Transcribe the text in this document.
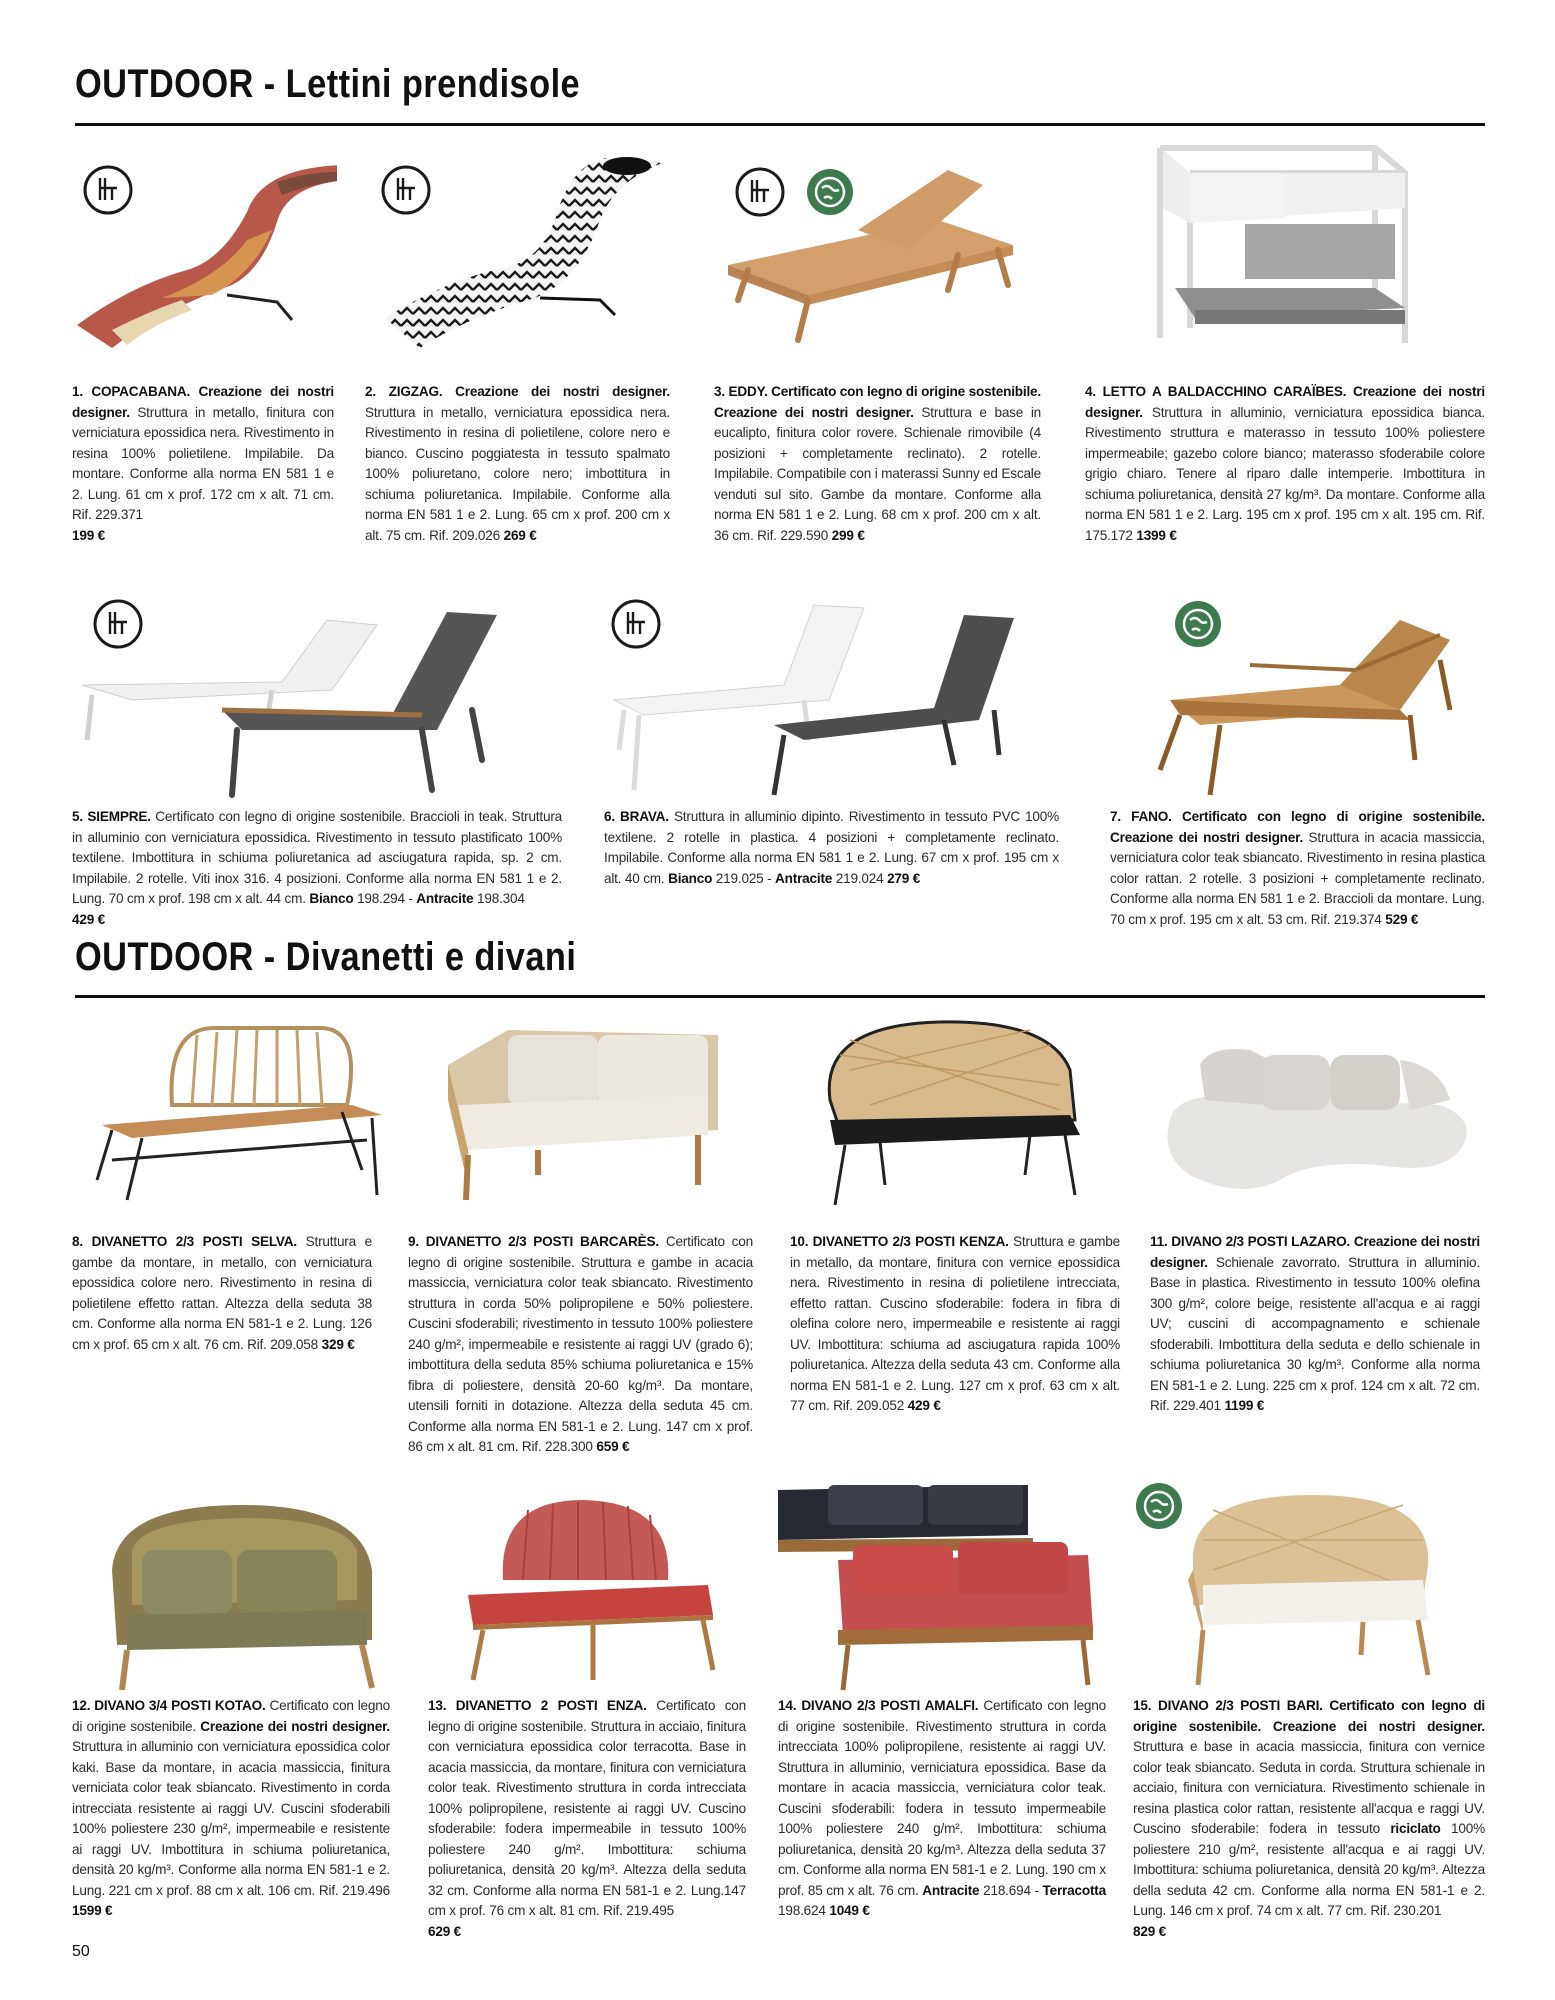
OUTDOOR - Lettini prendisole
1. COPACABANA. Creazione dei nostri designer. Struttura in metallo, finitura con verniciatura epossidica nera. Rivestimento in resina 100% polietilene. Impilabile. Da montare. Conforme alla norma EN 581 1 e 2. Lung. 61 cm x prof. 172 cm x alt. 71 cm. Rif. 229.371
199 €
2. ZIGZAG. Creazione dei nostri designer. Struttura in metallo, verniciatura epossidica nera. Rivestimento in resina di polietilene, colore nero e bianco. Cuscino poggiatesta in tessuto spalmato 100% poliuretano, colore nero; imbottitura in schiuma poliuretanica. Impilabile. Conforme alla norma EN 581 1 e 2. Lung. 65 cm x prof. 200 cm x alt. 75 cm. Rif. 209.026 269 €
3. EDDY. Certificato con legno di origine sostenibile. Creazione dei nostri designer. Struttura e base in eucalipto, finitura color rovere. Schienale rimovibile (4 posizioni + completamente reclinato). 2 rotelle. Impilabile. Compatibile con i materassi Sunny ed Escale venduti sul sito. Gambe da montare. Conforme alla norma EN 581 1 e 2. Lung. 68 cm x prof. 200 cm x alt. 36 cm. Rif. 229.590 299 €
4. LETTO A BALDACCHINO CARAÏBES. Creazione dei nostri designer. Struttura in alluminio, verniciatura epossidica bianca. Rivestimento struttura e materasso in tessuto 100% poliestere impermeabile; gazebo colore bianco; materasso sfoderabile colore grigio chiaro. Tenere al riparo dalle intemperie. Imbottitura in schiuma poliuretanica, densità 27 kg/m³. Da montare. Conforme alla norma EN 581 1 e 2. Larg. 195 cm x prof. 195 cm x alt. 195 cm. Rif. 175.172 1399 €
5. SIEMPRE. Certificato con legno di origine sostenibile. Braccioli in teak. Struttura in alluminio con verniciatura epossidica. Rivestimento in tessuto plastificato 100% textilene. Imbottitura in schiuma poliuretanica ad asciugatura rapida, sp. 2 cm. Impilabile. 2 rotelle. Viti inox 316. 4 posizioni. Conforme alla norma EN 581 1 e 2. Lung. 70 cm x prof. 198 cm x alt. 44 cm. Bianco 198.294 - Antracite 198.304
429 €
6. BRAVA. Struttura in alluminio dipinto. Rivestimento in tessuto PVC 100% textilene. 2 rotelle in plastica. 4 posizioni + completamente reclinato. Impilabile. Conforme alla norma EN 581 1 e 2. Lung. 67 cm x prof. 195 cm x alt. 40 cm. Bianco 219.025 - Antracite 219.024 279 €
7. FANO. Certificato con legno di origine sostenibile. Creazione dei nostri designer. Struttura in acacia massiccia, verniciatura color teak sbiancato. Rivestimento in resina plastica color rattan. 2 rotelle. 3 posizioni + completamente reclinato. Conforme alla norma EN 581 1 e 2. Braccioli da montare. Lung. 70 cm x prof. 195 cm x alt. 53 cm. Rif. 219.374 529 €
OUTDOOR - Divanetti e divani
8. DIVANETTO 2/3 POSTI SELVA. Struttura e gambe da montare, in metallo, con verniciatura epossidica colore nero. Rivestimento in resina di polietilene effetto rattan. Altezza della seduta 38 cm. Conforme alla norma EN 581-1 e 2. Lung. 126 cm x prof. 65 cm x alt. 76 cm. Rif. 209.058 329 €
9. DIVANETTO 2/3 POSTI BARCARÈS. Certificato con legno di origine sostenibile. Struttura e gambe in acacia massiccia, verniciatura color teak sbiancato. Rivestimento struttura in corda 50% polipropilene e 50% poliestere. Cuscini sfoderabili; rivestimento in tessuto 100% poliestere 240 g/m², impermeabile e resistente ai raggi UV (grado 6); imbottitura della seduta 85% schiuma poliuretanica e 15% fibra di poliestere, densità 20-60 kg/m³. Da montare, utensili forniti in dotazione. Altezza della seduta 45 cm. Conforme alla norma EN 581-1 e 2. Lung. 147 cm x prof. 86 cm x alt. 81 cm. Rif. 228.300 659 €
10. DIVANETTO 2/3 POSTI KENZA. Struttura e gambe in metallo, da montare, finitura con vernice epossidica nera. Rivestimento in resina di polietilene intrecciata, effetto rattan. Cuscino sfoderabile: fodera in fibra di olefina colore nero, impermeabile e resistente ai raggi UV. Imbottitura: schiuma ad asciugatura rapida 100% poliuretanica. Altezza della seduta 43 cm. Conforme alla norma EN 581-1 e 2. Lung. 127 cm x prof. 63 cm x alt. 77 cm. Rif. 209.052 429 €
11. DIVANO 2/3 POSTI LAZARO. Creazione dei nostri designer. Schienale zavorrato. Struttura in alluminio. Base in plastica. Rivestimento in tessuto 100% olefina 300 g/m², colore beige, resistente all'acqua e ai raggi UV; cuscini di accompagnamento e schienale sfoderabili. Imbottitura della seduta e dello schienale in schiuma poliuretanica 30 kg/m³. Conforme alla norma EN 581-1 e 2. Lung. 225 cm x prof. 124 cm x alt. 72 cm. Rif. 229.401 1199 €
12. DIVANO 3/4 POSTI KOTAO. Certificato con legno di origine sostenibile. Creazione dei nostri designer. Struttura in alluminio con verniciatura epossidica color kaki. Base da montare, in acacia massiccia, finitura verniciata color teak sbiancato. Rivestimento in corda intrecciata resistente ai raggi UV. Cuscini sfoderabili 100% poliestere 230 g/m², impermeabile e resistente ai raggi UV. Imbottitura in schiuma poliuretanica, densità 20 kg/m³. Conforme alla norma EN 581-1 e 2. Lung. 221 cm x prof. 88 cm x alt. 106 cm. Rif. 219.496 1599 €
13. DIVANETTO 2 POSTI ENZA. Certificato con legno di origine sostenibile. Struttura in acciaio, finitura con verniciatura epossidica color terracotta. Base in acacia massiccia, da montare, finitura con verniciatura color teak. Rivestimento struttura in corda intrecciata 100% polipropilene, resistente ai raggi UV. Cuscino sfoderabile: fodera impermeabile in tessuto 100% poliestere 240 g/m². Imbottitura: schiuma poliuretanica, densità 20 kg/m³. Altezza della seduta 32 cm. Conforme alla norma EN 581-1 e 2. Lung.147 cm x prof. 76 cm x alt. 81 cm. Rif. 219.495
629 €
14. DIVANO 2/3 POSTI AMALFI. Certificato con legno di origine sostenibile. Rivestimento struttura in corda intrecciata 100% polipropilene, resistente ai raggi UV. Struttura in alluminio, verniciatura epossidica. Base da montare in acacia massiccia, verniciatura color teak. Cuscini sfoderabili: fodera in tessuto impermeabile 100% poliestere 240 g/m². Imbottitura: schiuma poliuretanica, densità 20 kg/m³. Altezza della seduta 37 cm. Conforme alla norma EN 581-1 e 2. Lung. 190 cm x prof. 85 cm x alt. 76 cm. Antracite 218.694 - Terracotta 198.624 1049 €
15. DIVANO 2/3 POSTI BARI. Certificato con legno di origine sostenibile. Creazione dei nostri designer. Struttura e base in acacia massiccia, finitura con vernice color teak sbiancato. Seduta in corda. Struttura schienale in acciaio, finitura con verniciatura. Rivestimento schienale in resina plastica color rattan, resistente all'acqua e raggi UV. Cuscino sfoderabile: fodera in tessuto riciclato 100% poliestere 210 g/m², resistente all'acqua e ai raggi UV. Imbottitura: schiuma poliuretanica, densità 20 kg/m³. Altezza della seduta 42 cm. Conforme alla norma EN 581-1 e 2. Lung. 146 cm x prof. 74 cm x alt. 77 cm. Rif. 230.201
829 €
50
